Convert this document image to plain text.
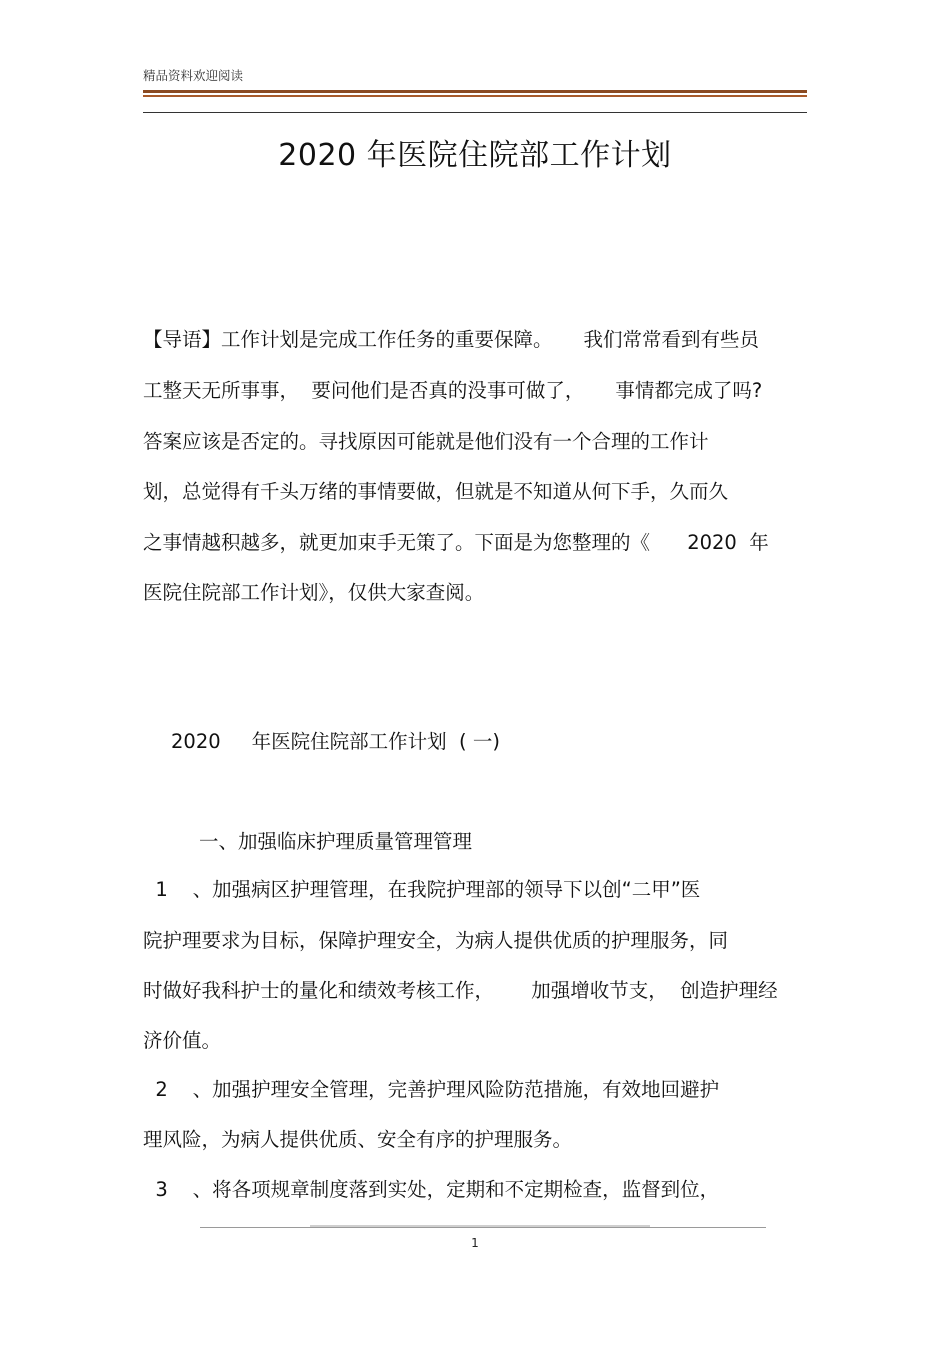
精品资料欢迎阅读
2020 年医院住院部工作计划
【导语】工作计划是完成工作任务的重要保障。     我们常常看到有些员
工整天无所事事，  要问他们是否真的没事可做了，     事情都完成了吗?
答案应该是否定的。寻找原因可能就是他们没有一个合理的工作计
划，总觉得有千头万绪的事情要做，但就是不知道从何下手，久而久
之事情越积越多，就更加束手无策了。下面是为您整理的《      2020  年
医院住院部工作计划》，仅供大家查阅。
2020     年医院住院部工作计划  ( 一)
一、加强临床护理质量管理管理
1    、加强病区护理管理，在我院护理部的领导下以创“二甲”医
院护理要求为目标，保障护理安全，为病人提供优质的护理服务，同
时做好我科护士的量化和绩效考核工作，      加强增收节支，  创造护理经
济价值。
2    、加强护理安全管理，完善护理风险防范措施，有效地回避护
理风险，为病人提供优质、安全有序的护理服务。
3    、将各项规章制度落到实处，定期和不定期检查，监督到位，
1
